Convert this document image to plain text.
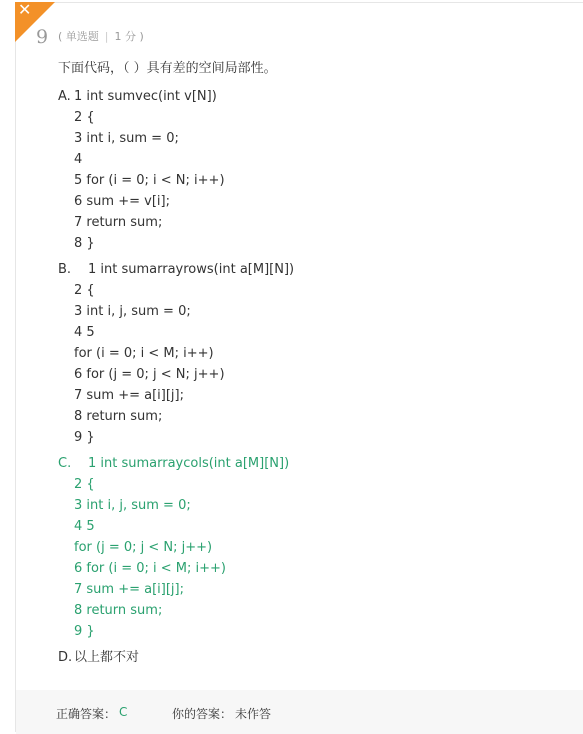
✕
9 ( 单选题 | 1 分 )
下面代码，（ ）具有差的空间局部性。
A. 1 int sumvec(int v[N])
2 {
3 int i, sum = 0;
4
5 for (i = 0; i < N; i++)
6 sum += v[i];
7 return sum;
8 }
B. 1 int sumarrayrows(int a[M][N])
2 {
3 int i, j, sum = 0;
4 5
for (i = 0; i < M; i++)
6 for (j = 0; j < N; j++)
7 sum += a[i][j];
8 return sum;
9 }
C. 1 int sumarraycols(int a[M][N])
2 {
3 int i, j, sum = 0;
4 5
for (j = 0; j < N; j++)
6 for (i = 0; i < M; i++)
7 sum += a[i][j];
8 return sum;
9 }
D. 以上都不对
正确答案： C	你的答案： 未作答
